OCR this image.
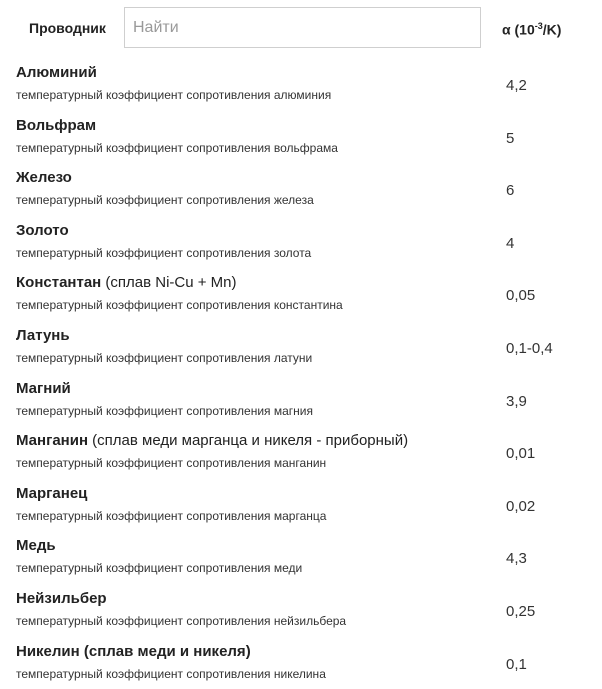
Проводник
Найти	α $(10^{-3}/K)$
Алюминий
температурный коэффициент сопротивления алюминия
4,2
Вольфрам
температурный коэффициент сопротивления вольфрама
5
Железо
температурный коэффициент сопротивления железа
6
Золото
температурный коэффициент сопротивления золота
4
Константан (сплав Ni-Cu + Mn)
температурный коэффициент сопротивления константина
0,05
Латунь
температурный коэффициент сопротивления латуни
0,1-0,4
Магний
температурный коэффициент сопротивления магния
3,9
Манганин (сплав меди марганца и никеля - приборный)
температурный коэффициент сопротивления манганин
0,01
Марганец
температурный коэффициент сопротивления марганца
0,02
Медь
температурный коэффициент сопротивления меди
4,3
Нейзильбер
температурный коэффициент сопротивления нейзильбера
0,25
Никелин (сплав меди и никеля)
температурный коэффициент сопротивления никелина
0,1
